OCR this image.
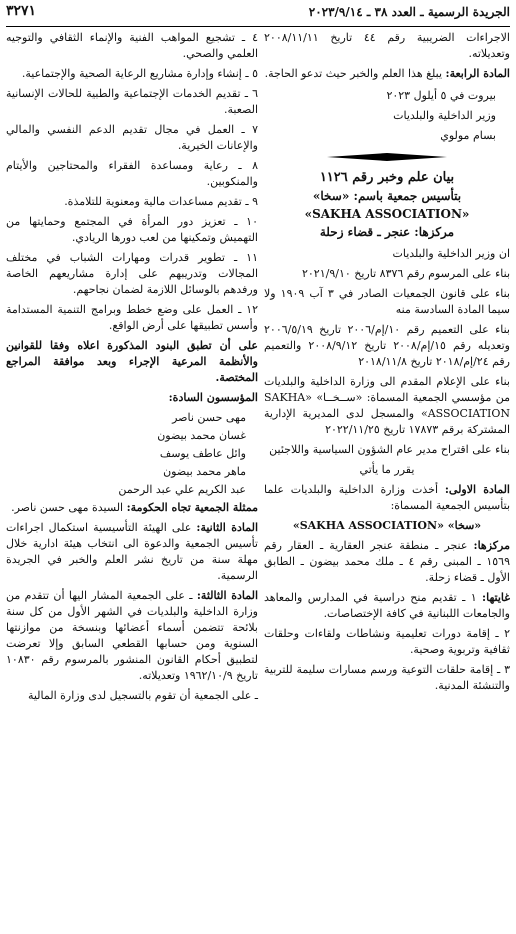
٣٢٧١	الجريدة الرسمية ـ العدد ٣٨ ـ ٢٠٢٣/٩/١٤

الاجراءات الضريبية رقم ٤٤ تاريخ ٢٠٠٨/١١/١١ وتعديلاته.

المادة الرابعة: يبلغ هذا العلم والخبر حيث تدعو الحاجة.

بيروت في ٥ أيلول ٢٠٢٣

وزير الداخلية والبلديات

بسام مولوي

بيان علم وخبر رقم ١١٢٦
بتأسيس جمعية باسم: «سخا»
«SAKHA ASSOCIATION»
مركزها: عنجر ـ قضاء زحلة

ان وزير الداخلية والبلديات

بناء على المرسوم رقم ٨٣٧٦ تاريخ ٢٠٢١/٩/١٠

بناء على قانون الجمعيات الصادر في ٣ آب ١٩٠٩ ولا سيما المادة السادسة منه

بناء على التعميم رقم ١٠/إم/٢٠٠٦ تاريخ ٢٠٠٦/٥/١٩ وتعديله رقم ١٥/إم/٢٠٠٨ تاريخ ٢٠٠٨/٩/١٢ والتعميم رقم ٢٤/إم/٢٠١٨ تاريخ ٢٠١٨/١١/٨

بناء على الإعلام المقدم الى وزارة الداخلية والبلديات من مؤسسي الجمعية المسماة: «ســخــا» «SAKHA ASSOCIATION» والمسجل لدى المديرية الإدارية المشتركة برقم ١٧٨٧٣ تاريخ ٢٠٢٢/١١/٢٥

بناء على اقتراح مدير عام الشؤون السياسية واللاجئين

يقرر ما يأتي

المادة الاولى: أخذت وزارة الداخلية والبلديات علما بتأسيس الجمعية المسماة:

«سخا» «SAKHA ASSOCIATION»

مركزها: عنجر ـ منطقة عنجر العقارية ـ العقار رقم ١٥٦٩ ـ المبنى رقم ٤ ـ ملك محمد بيضون ـ الطابق الأول ـ قضاء زحلة.

غايتها: ١ ـ تقديم منح دراسية في المدارس والمعاهد والجامعات اللبنانية في كافة الإختصاصات.

٢ ـ إقامة دورات تعليمية ونشاطات ولقاءات وحلقات ثقافية وتربوية وصحية.

٣ ـ إقامة حلقات التوعية ورسم مسارات سليمة للتربية والتنشئة المدنية.

٤ ـ تشجيع المواهب الفنية والإنماء الثقافي والتوجيه العلمي والصحي.

٥ ـ إنشاء وإدارة مشاريع الرعاية الصحية والإجتماعية.

٦ ـ تقديم الخدمات الإجتماعية والطبية للحالات الإنسانية الصعبة.

٧ ـ العمل في مجال تقديم الدعم النفسي والمالي والإعانات الخيرية.

٨ ـ رعاية ومساعدة الفقراء والمحتاجين والأيتام والمنكوبين.

٩ ـ تقديم مساعدات مالية ومعنوية للتلامذة.

١٠ ـ تعزيز دور المرأة في المجتمع وحمايتها من التهميش وتمكينها من لعب دورها الريادي.

١١ ـ تطوير قدرات ومهارات الشباب في مختلف المجالات وتدريبهم على إدارة مشاريعهم الخاصة ورفدهم بالوسائل اللازمة لضمان نجاحهم.

١٢ ـ العمل على وضع خطط وبرامج التنمية المستدامة وأسس تطبيقها على أرض الواقع.

على أن تطبق البنود المذكورة اعلاه وفقا للقوانين والأنظمة المرعية الإجراء وبعد موافقة المراجع المختصة.

المؤسسون السادة:

مهى حسن ناصر

غسان محمد بيضون

وائل عاطف يوسف

ماهر محمد بيضون

عبد الكريم علي عبد الرحمن

ممثلة الجمعية تجاه الحكومة: السيدة مهى حسن ناصر.

المادة الثانية: على الهيئة التأسيسية استكمال اجراءات تأسيس الجمعية والدعوة الى انتخاب هيئة ادارية خلال مهلة سنة من تاريخ نشر العلم والخبر في الجريدة الرسمية.

المادة الثالثة: ـ على الجمعية المشار اليها أن تتقدم من وزارة الداخلية والبلديات في الشهر الأول من كل سنة بلائحة تتضمن أسماء أعضائها وبنسخة من موازنتها السنوية ومن حسابها القطعي السابق وإلا تعرضت لتطبيق أحكام القانون المنشور بالمرسوم رقم ١٠٨٣٠ تاريخ ١٩٦٢/١٠/٩ وتعديلاته.

ـ على الجمعية أن تقوم بالتسجيل لدى وزارة المالية
